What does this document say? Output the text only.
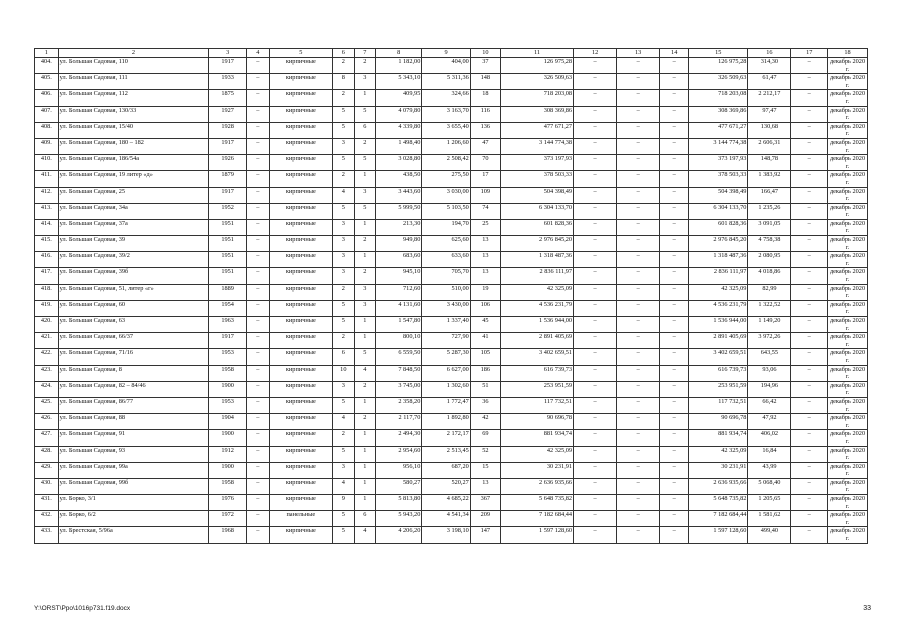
1	2	3	4	5	6	7	8	9	10	11	12	13	14	15	16	17	18
404.	ул. Большая Садовая, 110	1917	–	кирпичные	2	2	1 182,00	404,00	37	126 975,28	–	–	–	126 975,28	314,30	–	декабрь 2020 г.
405.	ул. Большая Садовая, 111	1933	–	кирпичные	8	3	5 343,10	5 311,36	148	326 509,63	–	–	–	326 509,63	61,47	–	декабрь 2020 г.
406.	ул. Большая Садовая, 112	1875	–	кирпичные	2	1	409,95	324,66	18	718 203,08	–	–	–	718 203,08	2 212,17	–	декабрь 2020 г.
407.	ул. Большая Садовая, 130/33	1927	–	кирпичные	5	5	4 079,80	3 163,70	116	308 369,86	–	–	–	308 369,86	97,47	–	декабрь 2020 г.
408.	ул. Большая Садовая, 15/40	1928	–	кирпичные	5	6	4 339,80	3 655,40	136	477 671,27	–	–	–	477 671,27	130,68	–	декабрь 2020 г.
409.	ул. Большая Садовая, 180 – 182	1917	–	кирпичные	3	2	1 498,40	1 206,60	47	3 144 774,38	–	–	–	3 144 774,38	2 606,31	–	декабрь 2020 г.
410.	ул. Большая Садовая, 186/54а	1926	–	кирпичные	5	5	3 028,80	2 508,42	70	373 197,93	–	–	–	373 197,93	148,78	–	декабрь 2020 г.
411.	ул. Большая Садовая, 19 литер «д»	1879	–	кирпичные	2	1	438,50	275,50	17	378 503,33	–	–	–	378 503,33	1 383,92	–	декабрь 2020 г.
412.	ул. Большая Садовая, 25	1917	–	кирпичные	4	3	3 443,60	3 030,00	109	504 398,49	–	–	–	504 398,49	166,47	–	декабрь 2020 г.
413.	ул. Большая Садовая, 34а	1952	–	кирпичные	5	5	5 999,50	5 103,50	74	6 304 133,70	–	–	–	6 304 133,70	1 235,26	–	декабрь 2020 г.
414.	ул. Большая Садовая, 37а	1951	–	кирпичные	3	1	213,30	194,70	25	601 828,36	–	–	–	601 828,36	3 091,05	–	декабрь 2020 г.
415.	ул. Большая Садовая, 39	1951	–	кирпичные	3	2	949,80	625,60	13	2 976 845,20	–	–	–	2 976 845,20	4 758,38	–	декабрь 2020 г.
416.	ул. Большая Садовая, 39/2	1951	–	кирпичные	3	1	683,60	633,60	13	1 318 487,36	–	–	–	1 318 487,36	2 080,95	–	декабрь 2020 г.
417.	ул. Большая Садовая, 39б	1951	–	кирпичные	3	2	945,10	705,70	13	2 836 111,97	–	–	–	2 836 111,97	4 018,86	–	декабрь 2020 г.
418.	ул. Большая Садовая, 51, литер «г»	1889	–	кирпичные	2	3	712,60	510,00	19	42 325,09	–	–	–	42 325,09	82,99	–	декабрь 2020 г.
419.	ул. Большая Садовая, 60	1954	–	кирпичные	5	3	4 131,60	3 430,00	106	4 536 231,79	–	–	–	4 536 231,79	1 322,52	–	декабрь 2020 г.
420.	ул. Большая Садовая, 63	1963	–	кирпичные	5	1	1 547,80	1 337,40	45	1 536 944,00	–	–	–	1 536 944,00	1 149,20	–	декабрь 2020 г.
421.	ул. Большая Садовая, 66/37	1917	–	кирпичные	2	1	800,10	727,90	41	2 891 405,69	–	–	–	2 891 405,69	3 972,26	–	декабрь 2020 г.
422.	ул. Большая Садовая, 71/16	1953	–	кирпичные	6	5	6 559,50	5 287,30	105	3 402 659,51	–	–	–	3 402 659,51	643,55	–	декабрь 2020 г.
423.	ул. Большая Садовая, 8	1958	–	кирпичные	10	4	7 848,50	6 627,00	186	616 739,73	–	–	–	616 739,73	93,06	–	декабрь 2020 г.
424.	ул. Большая Садовая, 82 – 84/46	1900	–	кирпичные	3	2	3 745,00	1 302,60	51	253 951,59	–	–	–	253 951,59	194,96	–	декабрь 2020 г.
425.	ул. Большая Садовая, 86/77	1953	–	кирпичные	5	1	2 358,20	1 772,47	36	117 732,51	–	–	–	117 732,51	66,42	–	декабрь 2020 г.
426.	ул. Большая Садовая, 88	1904	–	кирпичные	4	2	2 117,70	1 892,80	42	90 696,78	–	–	–	90 696,78	47,92	–	декабрь 2020 г.
427.	ул. Большая Садовая, 91	1900	–	кирпичные	2	1	2 494,30	2 172,17	69	881 934,74	–	–	–	881 934,74	406,02	–	декабрь 2020 г.
428.	ул. Большая Садовая, 93	1912	–	кирпичные	5	1	2 954,60	2 513,45	52	42 325,09	–	–	–	42 325,09	16,84	–	декабрь 2020 г.
429.	ул. Большая Садовая, 99а	1900	–	кирпичные	3	1	956,10	687,20	15	30 231,91	–	–	–	30 231,91	43,99	–	декабрь 2020 г.
430.	ул. Большая Садовая, 99б	1958	–	кирпичные	4	1	580,27	520,27	13	2 636 935,66	–	–	–	2 636 935,66	5 068,40	–	декабрь 2020 г.
431.	ул. Борко, 3/1	1976	–	кирпичные	9	1	5 813,80	4 685,22	367	5 648 735,82	–	–	–	5 648 735,82	1 205,65	–	декабрь 2020 г.
432.	ул. Борко, 6/2	1972	–	панельные	5	6	5 943,20	4 541,34	209	7 182 684,44	–	–	–	7 182 684,44	1 581,62	–	декабрь 2020 г.
433.	ул. Брестская, 5/96а	1968	–	кирпичные	5	4	4 206,20	3 198,10	147	1 597 128,60	–	–	–	1 597 128,60	499,40	–	декабрь 2020 г.
Y:\ORST\Ppo\1016p731.f19.docx	33
